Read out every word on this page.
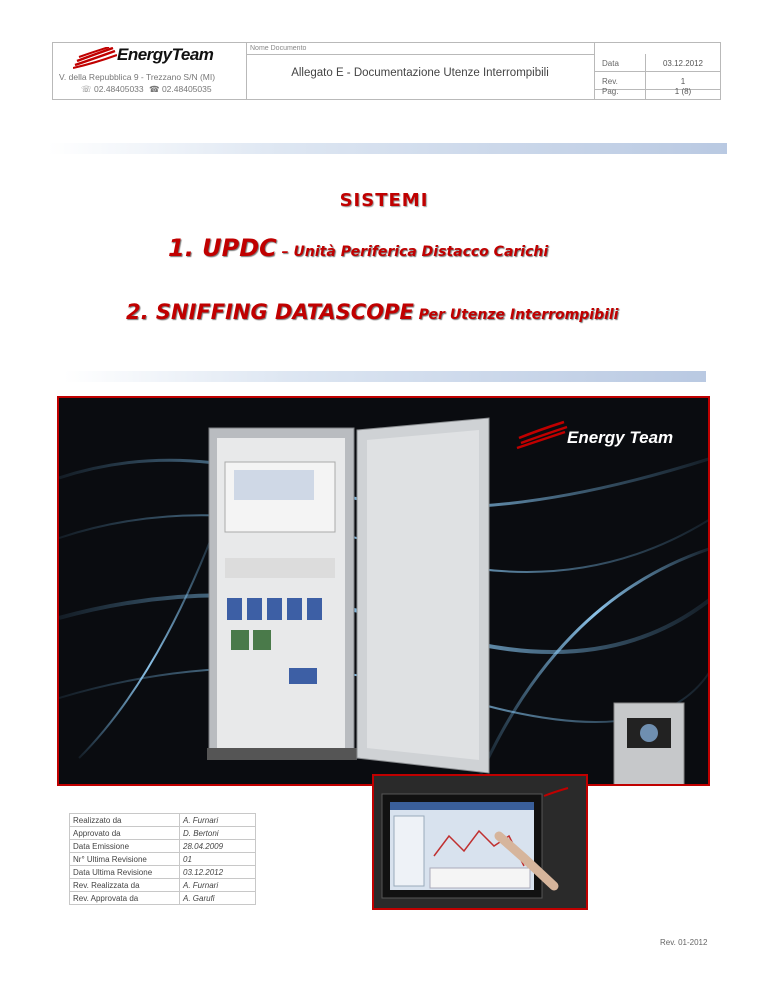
EnergyTeam
V. della Repubblica 9 - Trezzano S/N (MI)
☏ 02.48405033 ☎ 02.48405035
Nome Documento
Allegato E - Documentazione Utenze Interrompibili
Data	03.12.2012
Rev.	1
Pag.	1 (8)
SISTEMI
1. UPDC – Unità Periferica Distacco Carichi
2. SNIFFING DATASCOPE Per Utenze Interrompibili
Energy Team
Realizzato da	A. Furnari
Approvato da	D. Bertoni
Data Emissione	28.04.2009
Nr° Ultima Revisione	01
Data Ultima Revisione	03.12.2012
Rev. Realizzata da	A. Furnari
Rev. Approvata da	A. Garufi
Rev. 01-2012
